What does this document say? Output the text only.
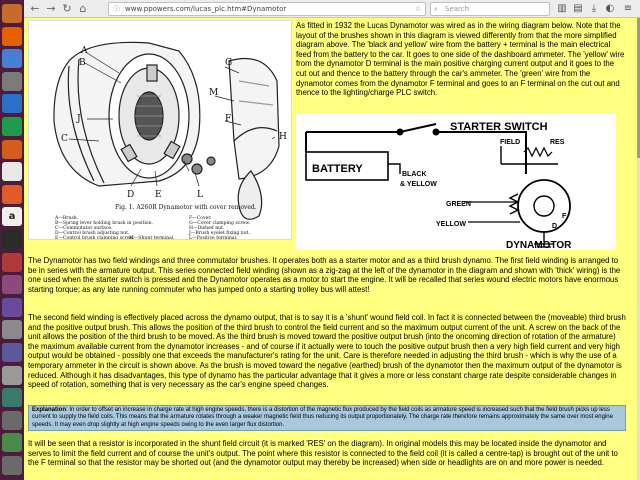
a
← → ↻ ⌂	ⓘ www.ppowers.com/lucas_plc.htm#Dynamotor	☆ ⌕ Search	▥ ▤ ⤓ ◐ ≡
A
B
J
C
D E
G
M
F
H
L
Fig. 1. A260R Dynamotor with cover removed.
A—Brush.
B—Spring lever holding brush in position.
C—Commutator surface.
D—Control brush adjusting nut.
E—Control brush clamping screw.
F—Cover.
G—Cover clamping screw.
H—Dished nut.
J—Brush eyelet fixing nut.
L—Positive terminal.
M—Shunt terminal.
As fitted in 1932 the Lucas Dynamotor was wired as in the wiring diagram below. Note that the layout of the brushes shown in this diagram is viewed differently from that the more simplified diagram above. The 'black and yellow' wire from the battery + terminal is the main electrical feed from the battery to the car. It goes to one side of the dashboard ammeter. The 'yellow' wire from the dynamotor D terminal is the main positive charging current output and it goes to the cut out and thence to the battery through the car's ammeter. The 'green' wire from the dynamotor comes from the dynamotor F terminal and goes to an F terminal on the cut out and thence to the lighting/charge PLC switch.
STARTER SWITCH
BATTERY	BLACK
& YELLOW
FIELD	RES
GREEN
YELLOW	D
F
DYNAMOTOR
The Dynamotor has two field windings and three commutator brushes. It operates both as a starter motor and as a third brush dynamo. The first field winding is arranged to be in series with the armature output. This series connected field winding (shown as a zig-zag at the left of the dynamotor in the diagram and shown with 'thick' wiring) is the one used when the starter switch is pressed and the Dynamotor operates as a motor to start the engine. It will be recalled that series wound electric motors have enormous starting torque; as any late running commuter who has jumped onto a starting trolley bus will attest!
The second field winding is effectively placed across the dynamo output, that is to say it is a 'shunt' wound field coil. In fact it is connected between the (moveable) third brush and the positive output brush. This allows the position of the third brush to control the field current and so the maximum output current of the unit. A screw on the back of the unit allows the position of the third brush to be moved. As the third brush is moved toward the positive output brush (into the oncoming direction of rotation of the armature) the maximum available current from the dynamotor increases - and of course if it actually were to touch the positive output brush then a very high field current and very high output would be obtained - possibly one that exceeds the manufacturer's rating for the unit. Care is therefore needed in adjusting the third brush - which is why the use of a temporary ammeter in the circuit is shown above. As the brush is moved toward the negative (earthed) brush of the dynamotor then the maximum output of the dynamotor is reduced. Although it has disadvantages, this type of dynamo has the particular advantage that it gives a more or less constant charge rate despite considerable changes in speed of rotation, something that is very necessary as the car's engine speed changes.
Explanation: In order to offset an increase in charge rate at high engine speeds, there is a distortion of the magnetic flux produced by the field coils as armature speed is increased such that the field brush picks up less current to supply the field coils. This means that the armature rotates through a weaker magnetic field thus reducing its output proportionately. The charge rate therefore remains approximately the same over most engine speeds. It may even drop slightly at high engine speeds owing to the even larger flux distortion.
It will be seen that a resistor is incorporated in the shunt field circuit (it is marked 'RES' on the diagram). In original models this may be located inside the dynamotor and serves to limit the field current and of course the unit's output. The point where this resistor is connected to the field coil (it is called a centre-tap) is brought out of the unit to the F terminal so that the resistor may be shorted out (and the dynamotor output may thereby be increased) when side or headlights are on and more power is needed.
